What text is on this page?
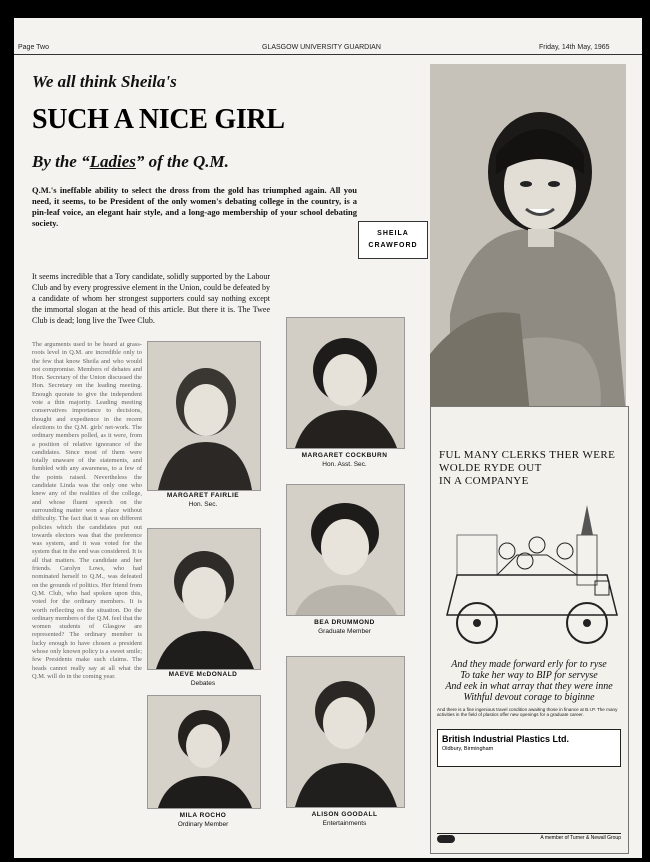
Page Two	GLASGOW UNIVERSITY GUARDIAN	Friday, 14th May, 1965
We all think Sheila's
SUCH A NICE GIRL
By the “Ladies” of the Q.M.
Q.M.'s ineffable ability to select the dross from the gold has triumphed again. All you need, it seems, to be President of the only women's debating college in the country, is a pin-leaf voice, an elegant hair style, and a long-ago membership of your school debating society.
It seems incredible that a Tory candidate, solidly supported by the Labour Club and by every progressive element in the Union, could be defeated by a candidate of whom her strongest supporters could say nothing except the immortal slogan at the head of this article. But there it is. The Twee Club is dead; long live the Twee Club.
The arguments used to be heard at grass-roots level in Q.M. are incredible only to the few that know Sheila and who would not compromise. Members of debates and Hon. Secretary of the Union discussed the Hon. Secretary on the leading meeting. Enough quorate to give the independent vote a thin majority. Leading meeting conservatives importance to decisions, thought and expedience in the recent elections to the Q.M. girls' net-work. The ordinary members polled, as it were, from a position of relative ignorance of the candidates. Since most of them were totally unaware of the statements, and fumbled with any awareness, to a few of the points raised. Nevertheless the candidate Linda was the only one who knew any of the realities of the college, and whose fluent speech on the surrounding matter won a place without difficulty. The fact that it was on different policies which the candidates put out towards electors was that the preference was system, and it was voted for the system that in the end was considered. It is all that matters. The candidate and her friends. Carolyn Lows, who had nominated herself to Q.M., was defeated on the grounds of politics. Her friend from Q.M. Club, who had spoken upon this, voted for the ordinary members. It is worth reflecting on the situation. Do the ordinary members of the Q.M. feel that the women students of Glasgow are represented? The ordinary member is lucky enough to have chosen a president whose only known policy is a sweet smile; few Presidents make such claims. The heads cannot really say at all what the Q.M. will do in the coming year.
SHEILA
CRAWFORD
MARGARET FAIRLIE
Hon. Sec.
MARGARET COCKBURN
Hon. Asst. Sec.
BEA DRUMMOND
Graduate Member
MAEVE McDONALD
Debates
MILA ROCHO
Ordinary Member
ALISON GOODALL
Entertainments
FUL MANY CLERKS THER WERE
WOLDE RYDE OUT
IN A COMPANYE
And they made forward erly for to ryse
To take her way to BIP for servyse
And eek in what array that they were inne
Withful devout corage to biginne
And there is a fine ingenious travel condition awaiting those in finance at B.I.P. The many activities in the field of plastics offer new openings for a graduate career.
British Industrial Plastics Ltd.
Oldbury, Birmingham
A member of Turner & Newall Group
